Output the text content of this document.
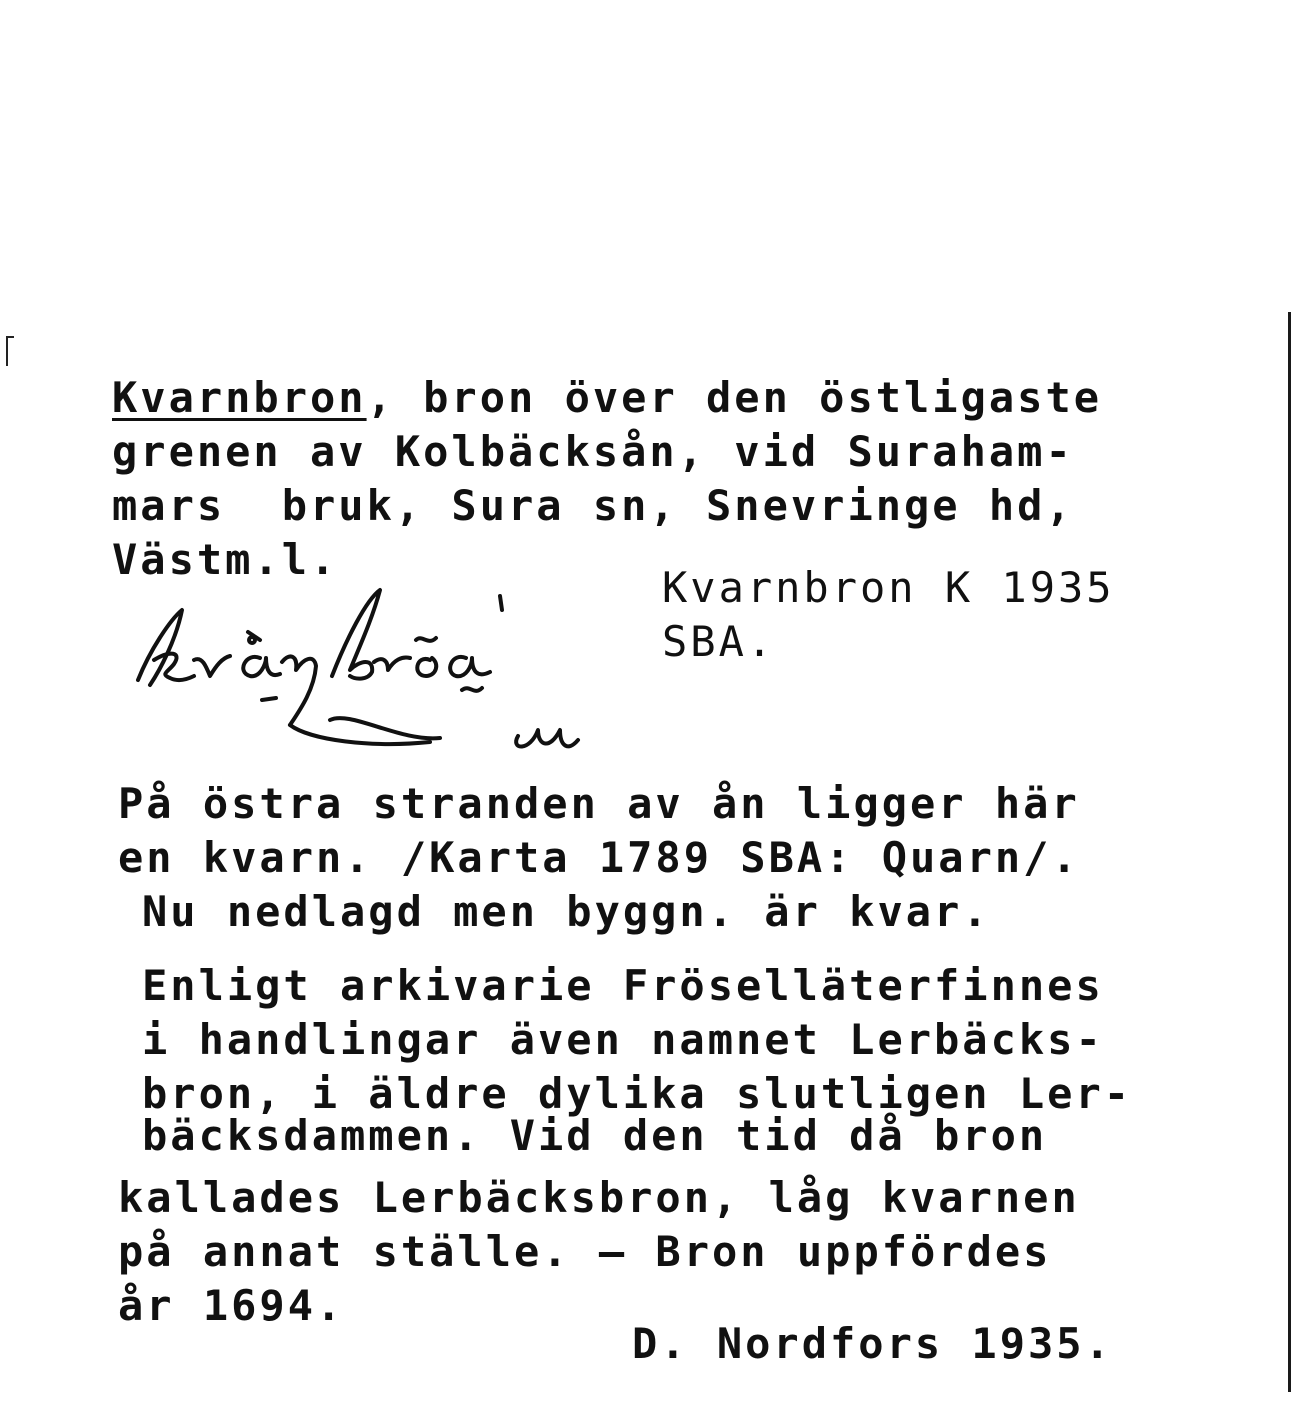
Kvarnbron, bron över den östligaste
grenen av Kolbäcksån, vid Suraham-
mars  bruk, Sura sn, Snevringe hd,
Västm.l.
Kvarnbron K 1935
SBA.
På östra stranden av ån ligger här
en kvarn. /Karta 1789 SBA: Quarn/.
Nu nedlagd men byggn. är kvar.
Enligt arkivarie Fröselläterfinnes
i handlingar även namnet Lerbäcks-
bron, i äldre dylika slutligen Ler-
bäcksdammen. Vid den tid då bron
kallades Lerbäcksbron, låg kvarnen
på annat ställe. – Bron uppfördes
år 1694.
D. Nordfors 1935.
